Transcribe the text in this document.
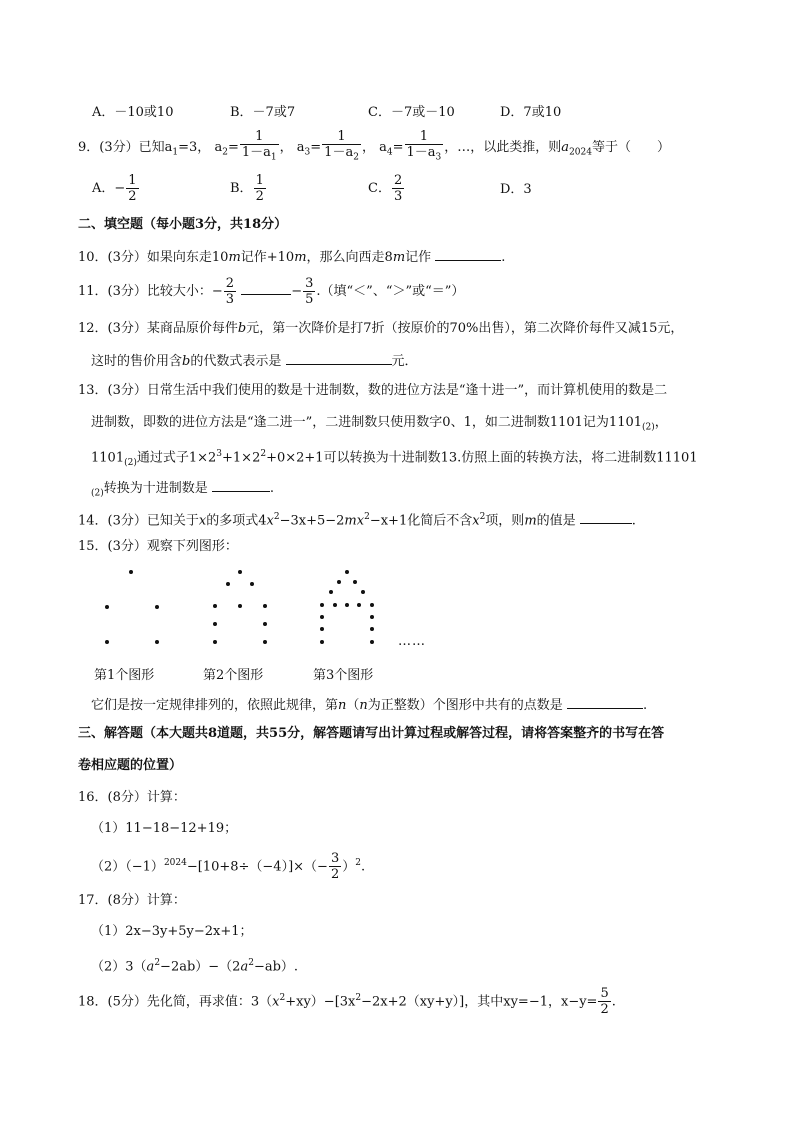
A．－10或10	B．－7或7	C．－7或－10	D．7或10
9．(3分）已知$a_1=3$， $a_2= \frac{1}{1-a_1}$ ， $a_3= \frac{1}{1-a_2}$ ， $a_4= \frac{1}{1-a_3}$ ，…，以此类推，则$a_{2024}$等于（　　）
A．− $\frac{1}{2}$	B． $\frac{1}{2}$	C． $\frac{2}{3}$	D．3
二、填空题（每小题3分，共18分）
10．(3分）如果向东走10m记作+10m，那么向西走8m记作	.
11．(3分）比较大小：− $\frac{2}{3}$	− $\frac{3}{5}$ .（填“＜”、“＞”或“＝”）
12．(3分）某商品原价每件b元，第一次降价是打7折（按原价的70%出售），第二次降价每件又减15元，
这时的售价用含b的代数式表示是	元．
13．(3分）日常生活中我们使用的数是十进制数，数的进位方法是“逢十进一”，而计算机使用的数是二
进制数，即数的进位方法是“逢二进一”，二进制数只使用数字0、1，如二进制数1101记为$1101_{(2)}$，
$1101_{(2)}$通过式子$1\times 2^3+1\times 2^2+0\times 2+1$可以转换为十进制数13.仿照上面的转换方法，将二进制数11101
$_{(2)}$转换为十进制数是	.
14．(3分）已知关于x的多项式$4x^2-3x+5-2mx^2-x+1$化简后不含$x^2$项，则m的值是	.
15．(3分）观察下列图形：
……
第1个图形	第2个图形	第3个图形
它们是按一定规律排列的，依照此规律，第n（n为正整数）个图形中共有的点数是	.
三、解答题（本大题共8道题，共55分，解答题请写出计算过程或解答过程，请将答案整齐的书写在答
卷相应题的位置）
16．(8分）计算：
（1）11−18−12+19；
$(2)(-1)^{2024}-[10+8\div(-4)]\times(- \frac{3}{2} )^2$.
17．(8分）计算：
（1）2x−3y+5y−2x+1；
$(2)3(a^2-2ab)-(2a^2-ab)$.
18．(5分）先化简，再求值：$3(x^2+xy)-[3x^2-2x+2(xy+y)]$，其中xy=−1，$x-y= \frac{5}{2}$ .
